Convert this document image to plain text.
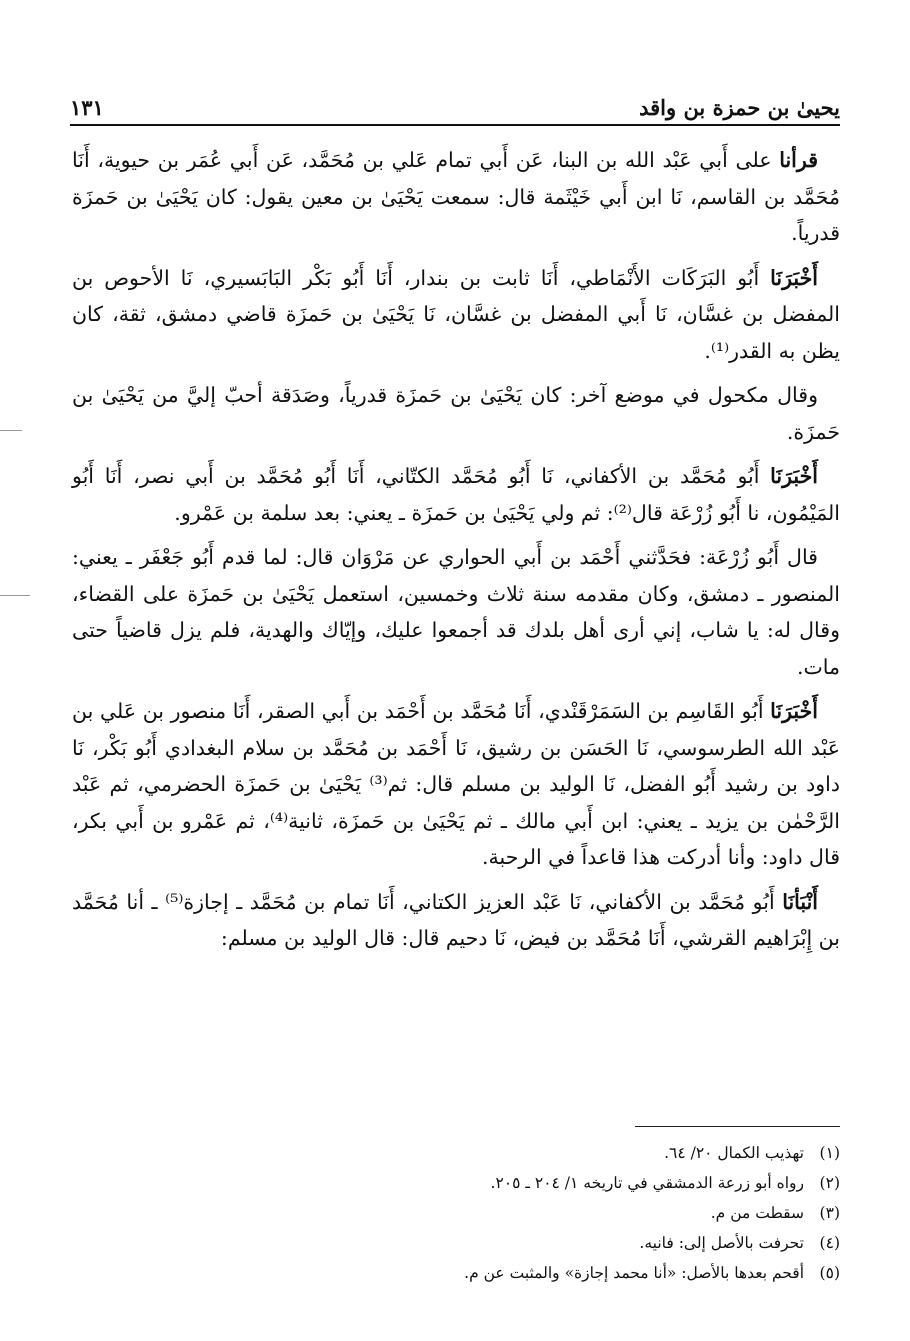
يحيىٰ بن حمزة بن واقد
١٣١

قرأنا على أَبي عَبْد الله بن البنا، عَن أَبي تمام عَلي بن مُحَمَّد، عَن أَبي عُمَر بن حيوية، أَنَا مُحَمَّد بن القاسم، نَا ابن أَبي خَيْثَمة قال: سمعت يَحْيَىٰ بن معين يقول: كان يَحْيَىٰ بن حَمزَة قدرياً.

أَخْبَرَنَا أَبُو البَرَكَات الأَنْمَاطي، أَنَا ثابت بن بندار، أَنَا أَبُو بَكْر البَابَسيري، نَا الأحوص بن المفضل بن غسَّان، نَا أَبي المفضل بن غسَّان، نَا يَحْيَىٰ بن حَمزَة قاضي دمشق، ثقة، كان يظن به القدر⁽¹⁾.

وقال مكحول في موضع آخر: كان يَحْيَىٰ بن حَمزَة قدرياً، وصَدَقة أحبّ إليَّ من يَحْيَىٰ بن حَمزَة.

أَخْبَرَنَا أَبُو مُحَمَّد بن الأكفاني، نَا أَبُو مُحَمَّد الكتّاني، أَنَا أَبُو مُحَمَّد بن أَبي نصر، أَنَا أَبُو المَيْمُون، نا أَبُو زُرْعَة قال⁽²⁾: ثم ولي يَحْيَىٰ بن حَمزَة ـ يعني: بعد سلمة بن عَمْرو.

قال أَبُو زُرْعَة: فحَدَّثني أَحْمَد بن أَبي الحواري عن مَرْوَان قال: لما قدم أَبُو جَعْفَر ـ يعني: المنصور ـ دمشق، وكان مقدمه سنة ثلاث وخمسين، استعمل يَحْيَىٰ بن حَمزَة على القضاء، وقال له: يا شاب، إني أرى أهل بلدك قد أجمعوا عليك، وإيّاك والهدية، فلم يزل قاضياً حتى مات.

أَخْبَرَنَا أَبُو القَاسِم بن السَمَرْقَنْدي، أَنَا مُحَمَّد بن أَحْمَد بن أَبي الصقر، أَنَا منصور بن عَلي بن عَبْد الله الطرسوسي، نَا الحَسَن بن رشيق، نَا أَحْمَد بن مُحَمَّد بن سلام البغدادي أَبُو بَكْر، نَا داود بن رشيد أَبُو الفضل، نَا الوليد بن مسلم قال: ثم⁽³⁾ يَحْيَىٰ بن حَمزَة الحضرمي، ثم عَبْد الرَّحْمٰن بن يزيد ـ يعني: ابن أَبي مالك ـ ثم يَحْيَىٰ بن حَمزَة، ثانية⁽⁴⁾، ثم عَمْرو بن أَبي بكر، قال داود: وأنا أدركت هذا قاعداً في الرحبة.

أَنْبَأنَا أَبُو مُحَمَّد بن الأكفاني، نَا عَبْد العزيز الكتاني، أَنَا تمام بن مُحَمَّد ـ إجازة⁽⁵⁾ ـ أنا مُحَمَّد بن إِبْرَاهيم القرشي، أَنَا مُحَمَّد بن فيض، نَا دحيم قال: قال الوليد بن مسلم:

(١)
تهذيب الكمال ٢٠/ ٦٤.
(٢)
رواه أبو زرعة الدمشقي في تاريخه ١/ ٢٠٤ ـ ٢٠٥.
(٣)
سقطت من م.
(٤)
تحرفت بالأصل إلى: فانيه.
(٥)
أقحم بعدها بالأصل: «أنا محمد إجازة» والمثبت عن م.
